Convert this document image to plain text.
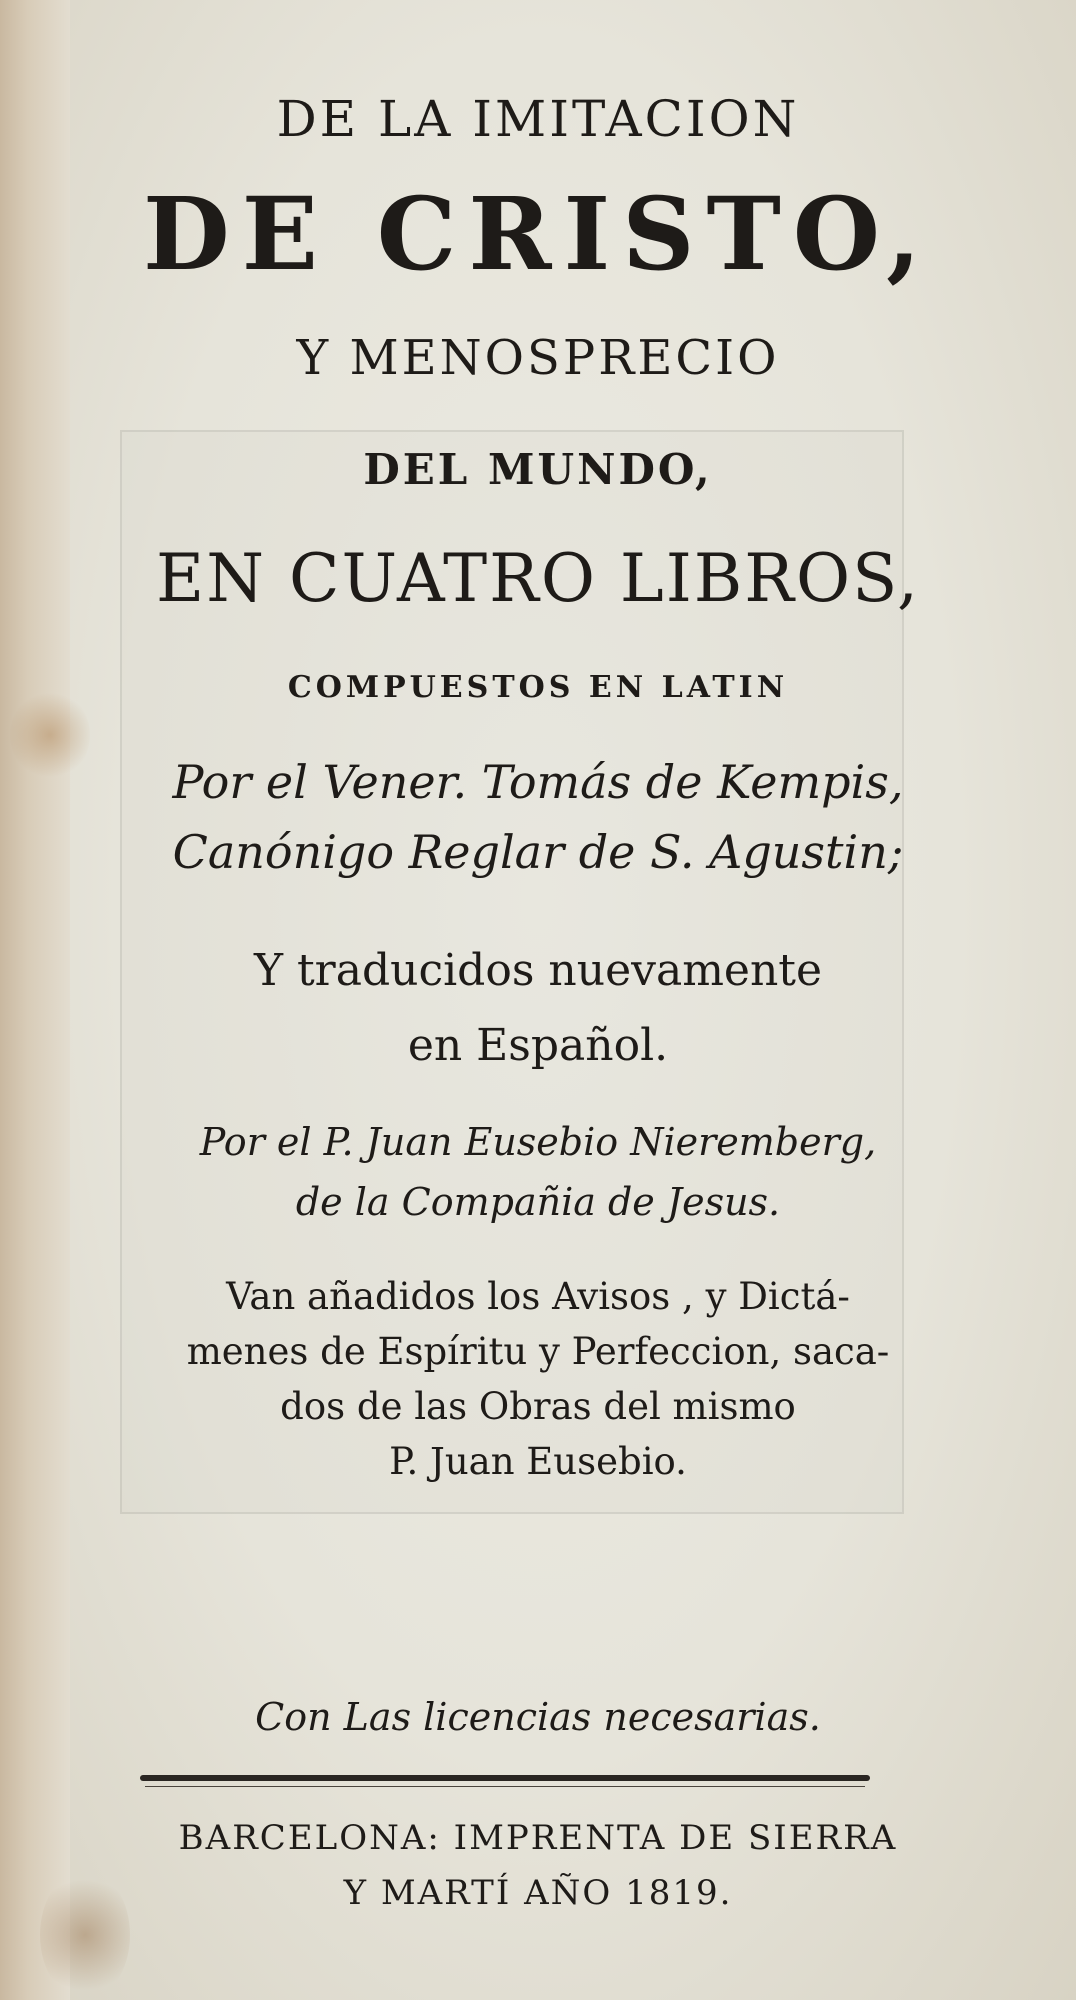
DE LA IMITACION
DE CRISTO,
Y MENOSPRECIO
DEL MUNDO,
EN CUATRO LIBROS,
COMPUESTOS EN LATIN
Por el Vener. Tomás de Kempis,
Canónigo Reglar de S. Agustin;
Y traducidos nuevamente
en Español.
Por el P. Juan Eusebio Nieremberg,
de la Compañia de Jesus.
Van añadidos los Avisos , y Dictá-
menes de Espíritu y Perfeccion, saca-
dos de las Obras del mismo
P. Juan Eusebio.
Con Las licencias necesarias.
BARCELONA: IMPRENTA DE SIERRA
Y MARTÍ AÑO 1819.
